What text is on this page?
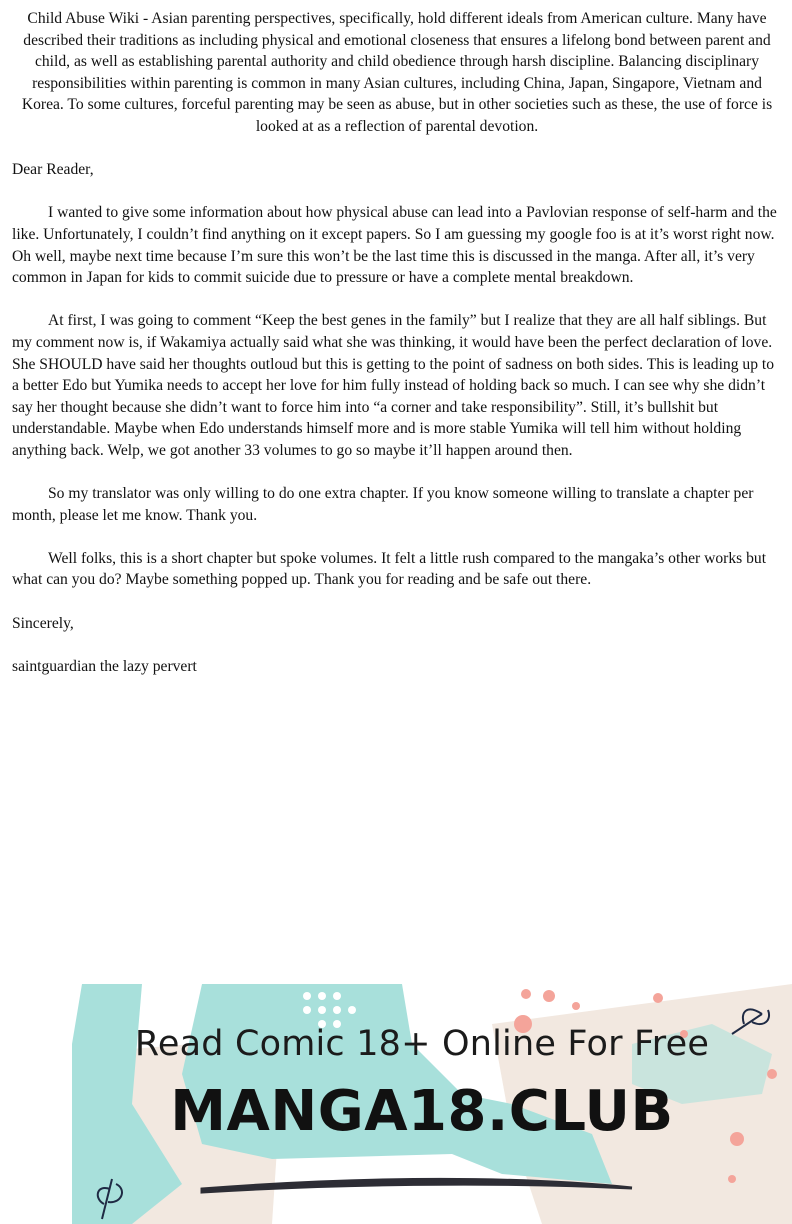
Child Abuse Wiki - Asian parenting perspectives, specifically, hold different ideals from American culture. Many have described their traditions as including physical and emotional closeness that ensures a lifelong bond between parent and child, as well as establishing parental authority and child obedience through harsh discipline. Balancing disciplinary responsibilities within parenting is common in many Asian cultures, including China, Japan, Singapore, Vietnam and Korea. To some cultures, forceful parenting may be seen as abuse, but in other societies such as these, the use of force is looked at as a reflection of parental devotion.

Dear Reader,

I wanted to give some information about how physical abuse can lead into a Pavlovian response of self-harm and the like. Unfortunately, I couldn’t find anything on it except papers. So I am guessing my google foo is at it’s worst right now. Oh well, maybe next time because I’m sure this won’t be the last time this is discussed in the manga. After all, it’s very common in Japan for kids to commit suicide due to pressure or have a complete mental breakdown.

At first, I was going to comment “Keep the best genes in the family” but I realize that they are all half siblings. But my comment now is, if Wakamiya actually said what she was thinking, it would have been the perfect declaration of love. She SHOULD have said her thoughts outloud but this is getting to the point of sadness on both sides. This is leading up to a better Edo but Yumika needs to accept her love for him fully instead of holding back so much. I can see why she didn’t say her thought because she didn’t want to force him into “a corner and take responsibility”. Still, it’s bullshit but understandable. Maybe when Edo understands himself more and is more stable Yumika will tell him without holding anything back. Welp, we got another 33 volumes to go so maybe it’ll happen around then.

So my translator was only willing to do one extra chapter. If you know someone willing to translate a chapter per month, please let me know. Thank you.

Well folks, this is a short chapter but spoke volumes. It felt a little rush compared to the mangaka’s other works but what can you do? Maybe something popped up. Thank you for reading and be safe out there.

Sincerely,

saintguardian the lazy pervert

Read Comic 18+ Online For Free
MANGA18.CLUB
